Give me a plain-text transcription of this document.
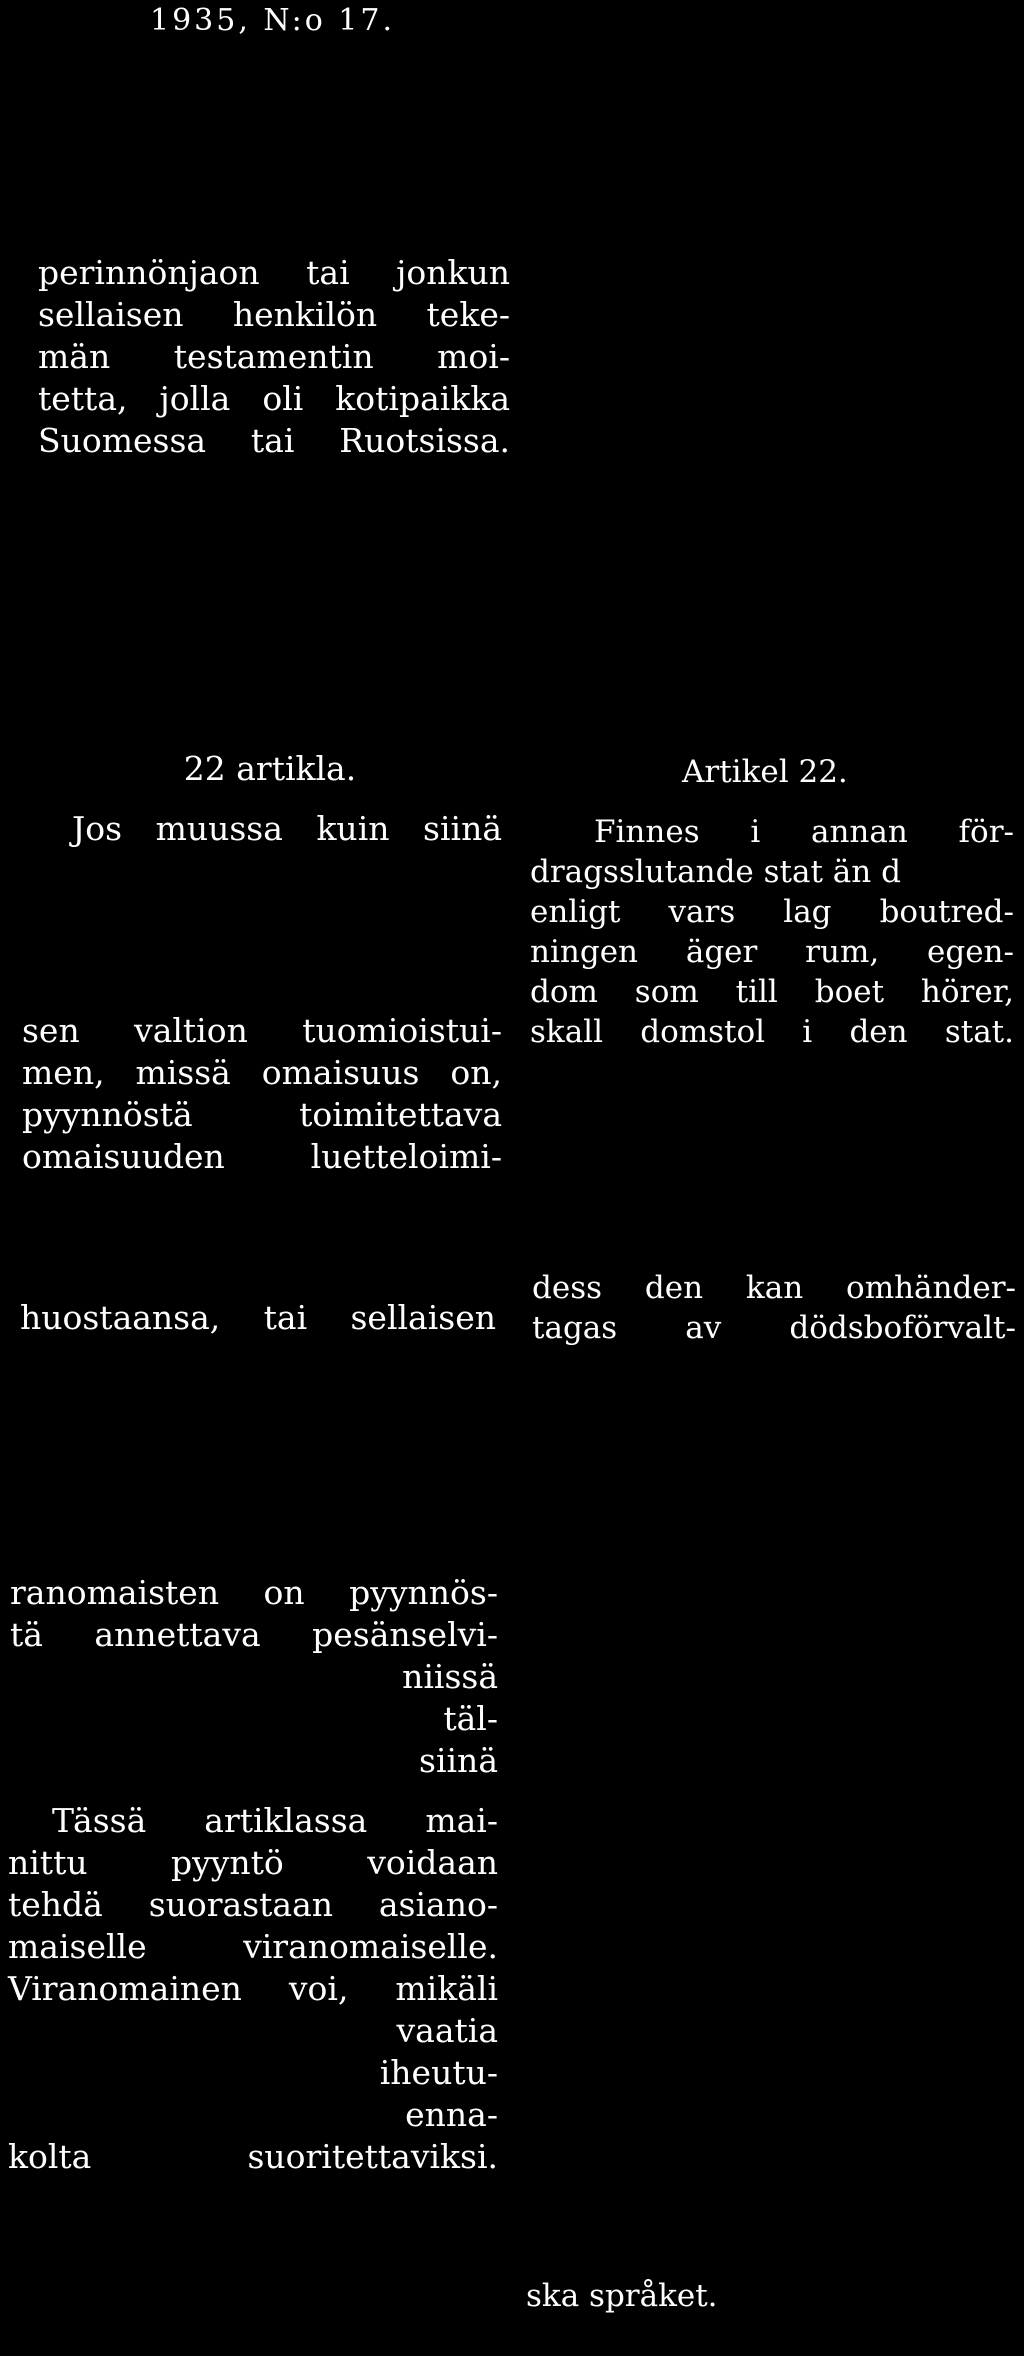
1935, N:o 17.
perinnönjaon tai jonkun
sellaisen henkilön teke-
män testamentin moi-
tetta, jolla oli kotipaikka
Suomessa tai Ruotsissa.
22 artikla.
Jos muussa kuin siinä
sen valtion tuomioistui-
men, missä omaisuus on,
pyynnöstä toimitettava
omaisuuden luetteloimi-
huostaansa, tai sellaisen
ranomaisten on pyynnös-
tä annettava pesänselvi-
niissä
täl-
siinä
Tässä artiklassa mai-
nittu pyyntö voidaan
tehdä suorastaan asiano-
maiselle viranomaiselle.
Viranomainen voi, mikäli
vaatia
iheutu-
enna-
kolta	suoritettaviksi.
Artikel 22.
Finnes i annan för-
dragsslutande stat än d
enligt vars lag boutred-
ningen äger rum, egen-
dom som till boet hörer,
skall domstol i den stat.
dess den kan omhänder-
tagas av dödsboförvalt-
ska språket.
